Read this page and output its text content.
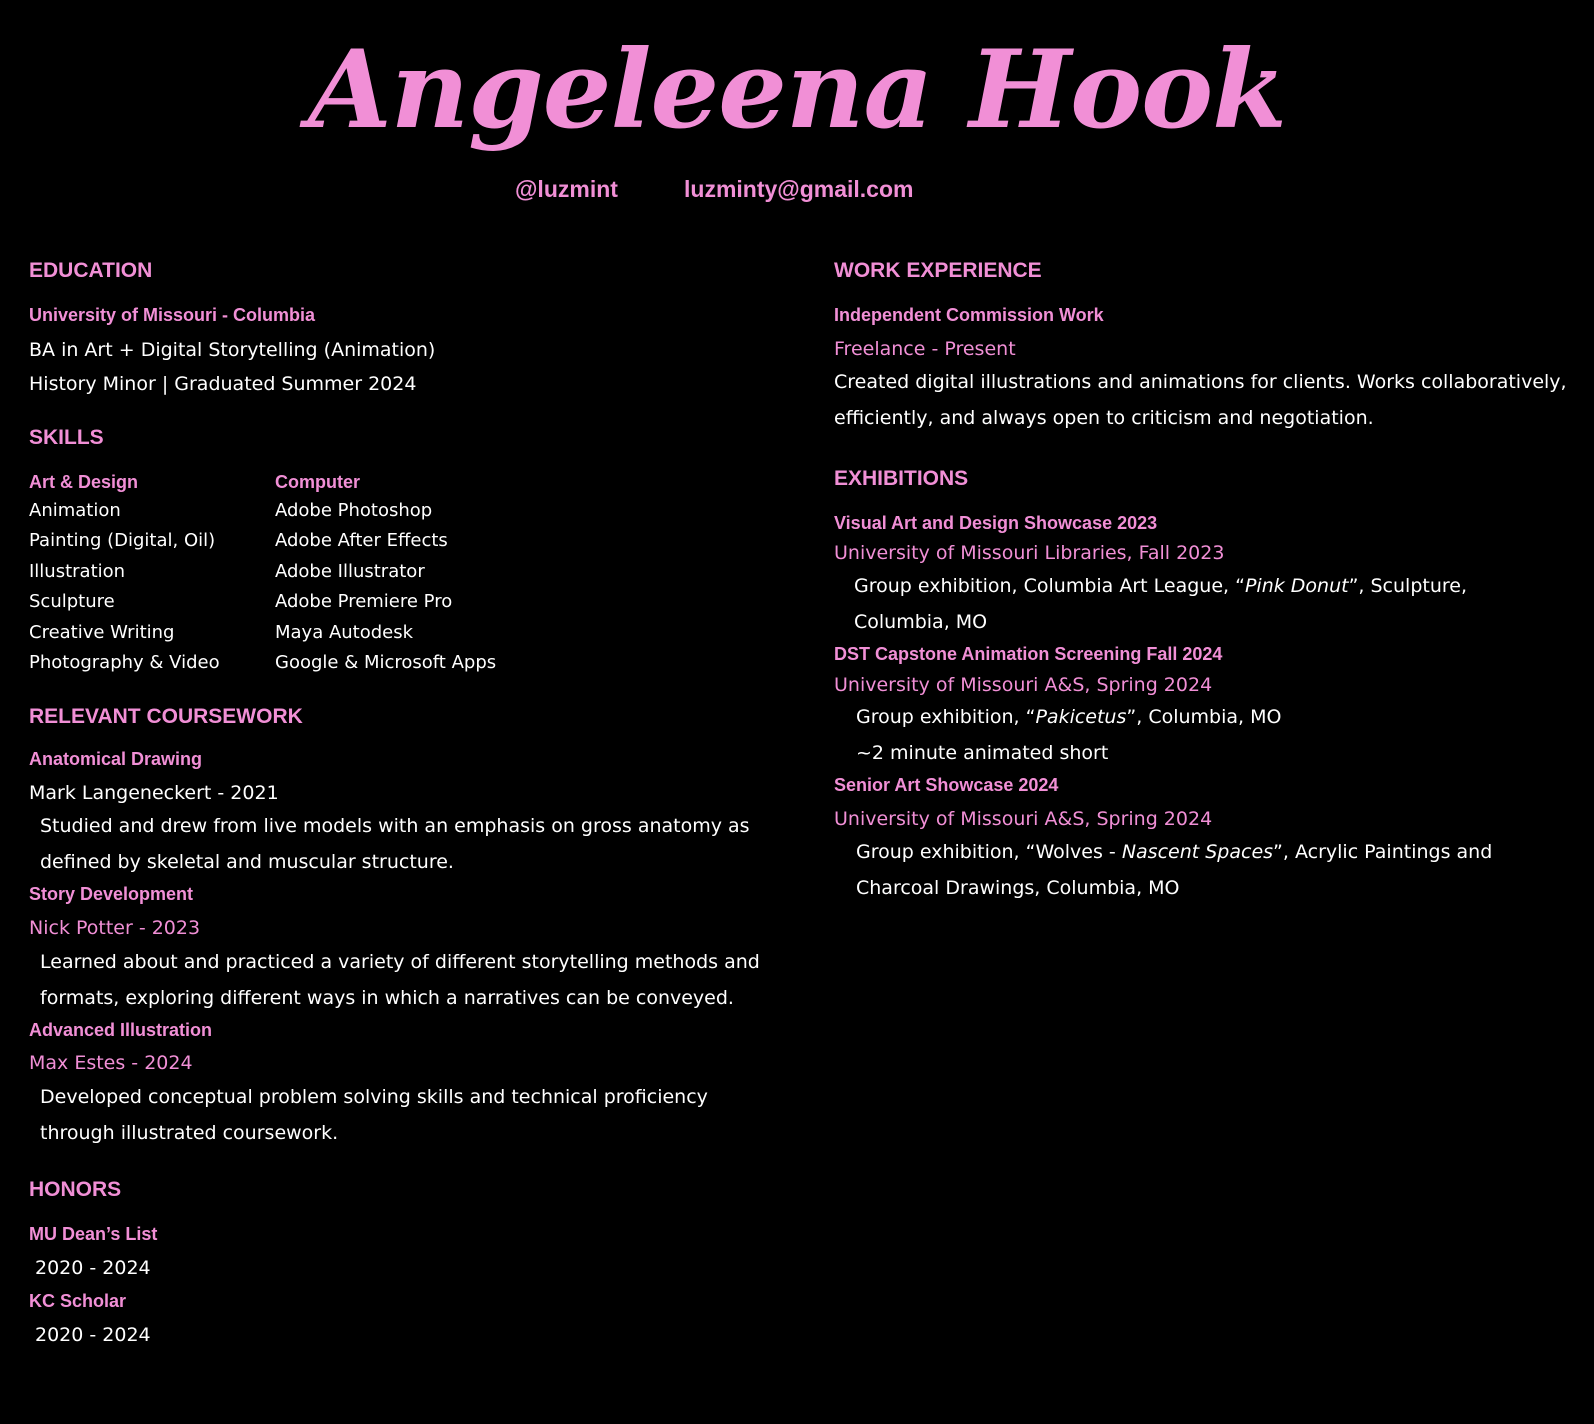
Angeleena Hook
@luzmint	luzminty@gmail.com
EDUCATION
University of Missouri - Columbia
BA in Art + Digital Storytelling (Animation)
History Minor | Graduated Summer 2024
SKILLS
Art & Design
Animation
Painting (Digital, Oil)
Illustration
Sculpture
Creative Writing
Photography & Video
Computer
Adobe Photoshop
Adobe After Effects
Adobe Illustrator
Adobe Premiere Pro
Maya Autodesk
Google & Microsoft Apps
RELEVANT COURSEWORK
Anatomical Drawing
Mark Langeneckert - 2021
Studied and drew from live models with an emphasis on gross anatomy as
defined by skeletal and muscular structure.
Story Development
Nick Potter - 2023
Learned about and practiced a variety of different storytelling methods and
formats, exploring different ways in which a narratives can be conveyed.
Advanced Illustration
Max Estes - 2024
Developed conceptual problem solving skills and technical proficiency
through illustrated coursework.
HONORS
MU Dean’s List
2020 - 2024
KC Scholar
2020 - 2024
WORK EXPERIENCE
Independent Commission Work
Freelance - Present
Created digital illustrations and animations for clients. Works collaboratively,
efficiently, and always open to criticism and negotiation.
EXHIBITIONS
Visual Art and Design Showcase 2023
University of Missouri Libraries, Fall 2023
Group exhibition, Columbia Art League, “Pink Donut”, Sculpture,
Columbia, MO
DST Capstone Animation Screening Fall 2024
University of Missouri A&S, Spring 2024
Group exhibition, “Pakicetus”, Columbia, MO
~2 minute animated short
Senior Art Showcase 2024
University of Missouri A&S, Spring 2024
Group exhibition, “Wolves - Nascent Spaces”, Acrylic Paintings and
Charcoal Drawings, Columbia, MO
